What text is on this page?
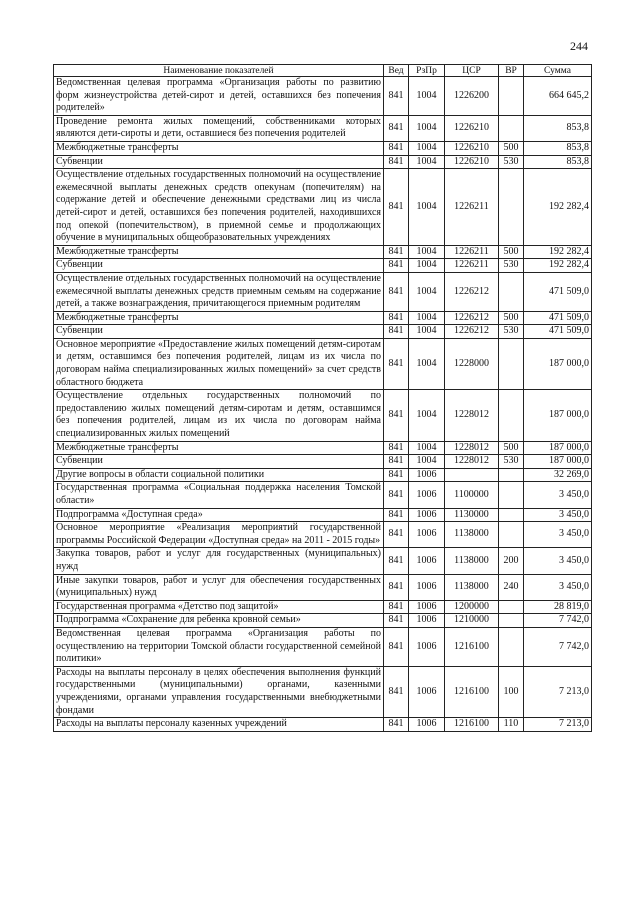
244
Наименование показателей	Вед	РзПр	ЦСР	ВР	Сумма
Ведомственная целевая программа «Организация работы по развитию форм жизнеустройства детей-сирот и детей, оставшихся без попечения родителей»	841	1004	1226200		664 645,2
Проведение ремонта жилых помещений, собственниками которых являются дети-сироты и дети, оставшиеся без попечения родителей	841	1004	1226210		853,8
Межбюджетные трансферты	841	1004	1226210	500	853,8
Субвенции	841	1004	1226210	530	853,8
Осуществление отдельных государственных полномочий на осуществление ежемесячной выплаты денежных средств опекунам (попечителям) на содержание детей и обеспечение денежными средствами лиц из числа детей-сирот и детей, оставшихся без попечения родителей, находившихся под опекой (попечительством), в приемной семье и продолжающих обучение в муниципальных общеобразовательных учреждениях	841	1004	1226211		192 282,4
Межбюджетные трансферты	841	1004	1226211	500	192 282,4
Субвенции	841	1004	1226211	530	192 282,4
Осуществление отдельных государственных полномочий на осуществление ежемесячной выплаты денежных средств приемным семьям на содержание детей, а также вознаграждения, причитающегося приемным родителям	841	1004	1226212		471 509,0
Межбюджетные трансферты	841	1004	1226212	500	471 509,0
Субвенции	841	1004	1226212	530	471 509,0
Основное мероприятие «Предоставление жилых помещений детям-сиротам и детям, оставшимся без попечения родителей, лицам из их числа по договорам найма специализированных жилых помещений» за счет средств областного бюджета	841	1004	1228000		187 000,0
Осуществление отдельных государственных полномочий по предоставлению жилых помещений детям-сиротам и детям, оставшимся без попечения родителей, лицам из их числа по договорам найма специализированных жилых помещений	841	1004	1228012		187 000,0
Межбюджетные трансферты	841	1004	1228012	500	187 000,0
Субвенции	841	1004	1228012	530	187 000,0
Другие вопросы в области социальной политики	841	1006			32 269,0
Государственная программа «Социальная поддержка населения Томской области»	841	1006	1100000		3 450,0
Подпрограмма «Доступная среда»	841	1006	1130000		3 450,0
Основное мероприятие «Реализация мероприятий государственной программы Российской Федерации «Доступная среда» на 2011 - 2015 годы»	841	1006	1138000		3 450,0
Закупка товаров, работ и услуг для государственных (муниципальных) нужд	841	1006	1138000	200	3 450,0
Иные закупки товаров, работ и услуг для обеспечения государственных (муниципальных) нужд	841	1006	1138000	240	3 450,0
Государственная программа «Детство под защитой»	841	1006	1200000		28 819,0
Подпрограмма «Сохранение для ребенка кровной семьи»	841	1006	1210000		7 742,0
Ведомственная целевая программа «Организация работы по осуществлению на территории Томской области государственной семейной политики»	841	1006	1216100		7 742,0
Расходы на выплаты персоналу в целях обеспечения выполнения функций государственными (муниципальными) органами, казенными учреждениями, органами управления государственными внебюджетными фондами	841	1006	1216100	100	7 213,0
Расходы на выплаты персоналу казенных учреждений	841	1006	1216100	110	7 213,0
